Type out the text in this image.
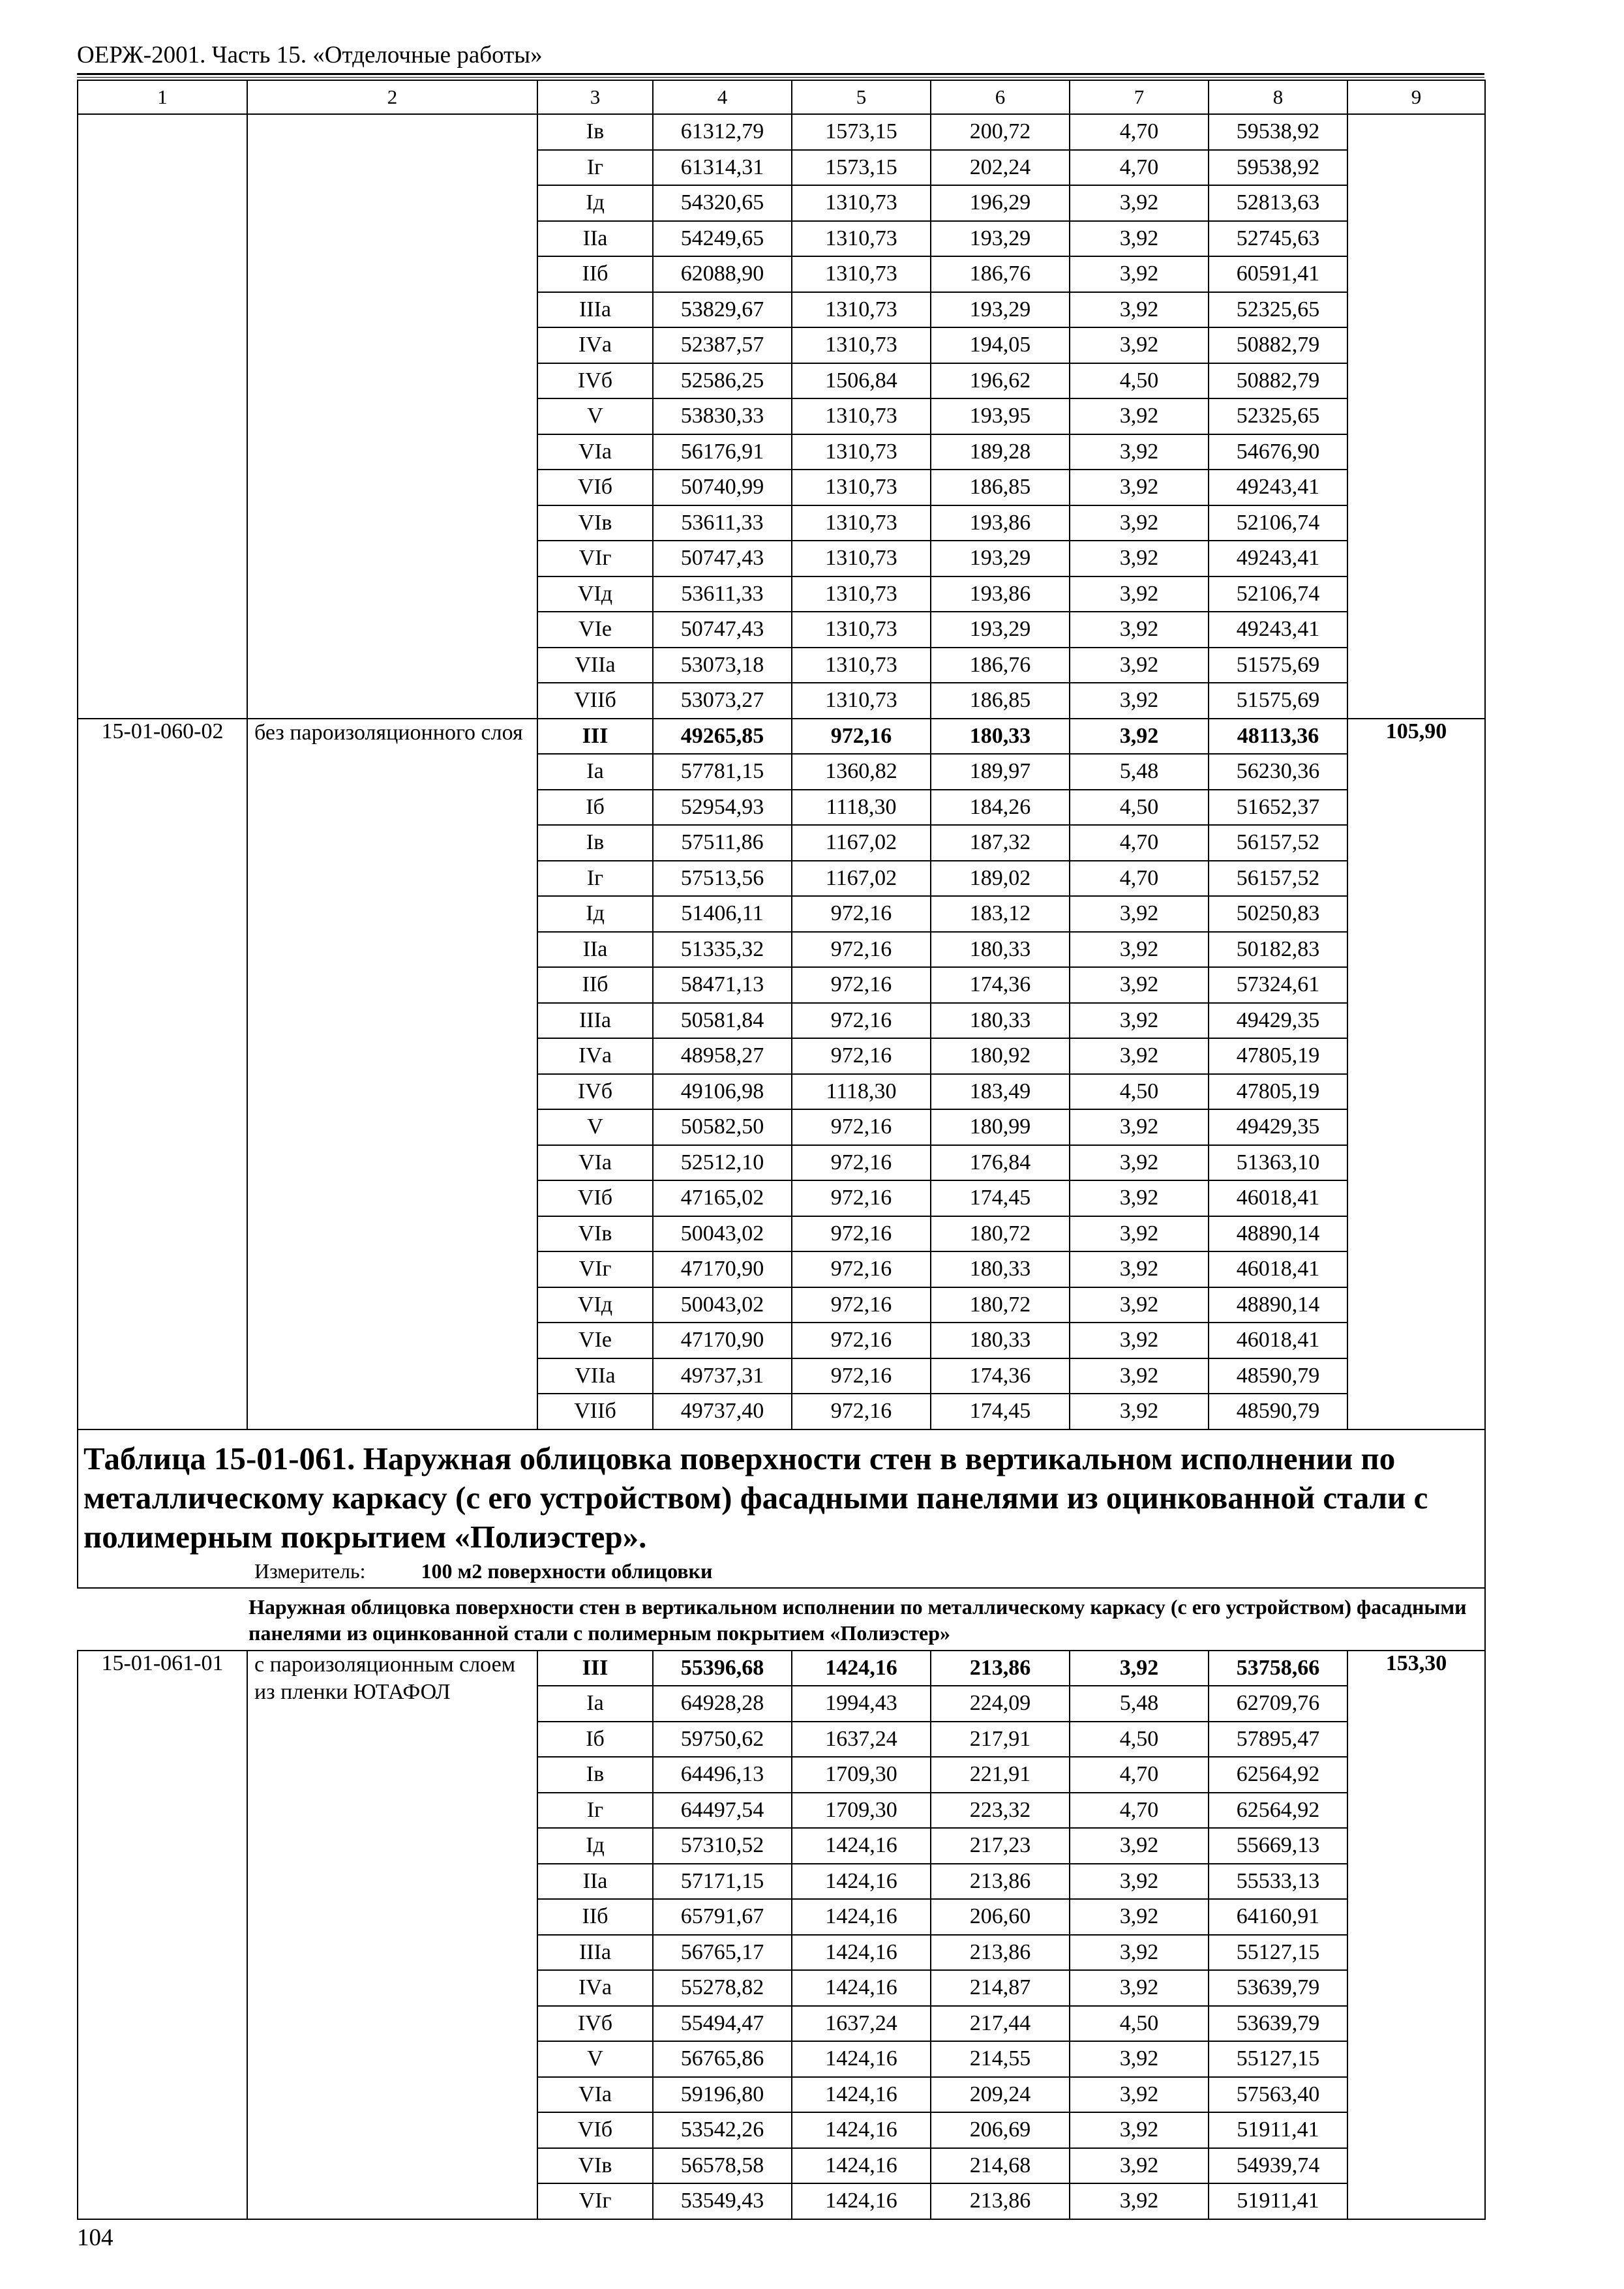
ОЕРЖ-2001. Часть 15. «Отделочные работы»
1	2	3	4	5	6	7	8	9
		Iв	61312,79	1573,15	200,72	4,70	59538,92	
		Iг	61314,31	1573,15	202,24	4,70	59538,92	
		Iд	54320,65	1310,73	196,29	3,92	52813,63	
		IIа	54249,65	1310,73	193,29	3,92	52745,63	
		IIб	62088,90	1310,73	186,76	3,92	60591,41	
		IIIа	53829,67	1310,73	193,29	3,92	52325,65	
		IVа	52387,57	1310,73	194,05	3,92	50882,79	
		IVб	52586,25	1506,84	196,62	4,50	50882,79	
		V	53830,33	1310,73	193,95	3,92	52325,65	
		VIа	56176,91	1310,73	189,28	3,92	54676,90	
		VIб	50740,99	1310,73	186,85	3,92	49243,41	
		VIв	53611,33	1310,73	193,86	3,92	52106,74	
		VIг	50747,43	1310,73	193,29	3,92	49243,41	
		VIд	53611,33	1310,73	193,86	3,92	52106,74	
		VIе	50747,43	1310,73	193,29	3,92	49243,41	
		VIIа	53073,18	1310,73	186,76	3,92	51575,69	
		VIIб	53073,27	1310,73	186,85	3,92	51575,69	
15-01-060-02	без пароизоляционного слоя	III	49265,85	972,16	180,33	3,92	48113,36	105,90
		Iа	57781,15	1360,82	189,97	5,48	56230,36	
		Iб	52954,93	1118,30	184,26	4,50	51652,37	
		Iв	57511,86	1167,02	187,32	4,70	56157,52	
		Iг	57513,56	1167,02	189,02	4,70	56157,52	
		Iд	51406,11	972,16	183,12	3,92	50250,83	
		IIа	51335,32	972,16	180,33	3,92	50182,83	
		IIб	58471,13	972,16	174,36	3,92	57324,61	
		IIIа	50581,84	972,16	180,33	3,92	49429,35	
		IVа	48958,27	972,16	180,92	3,92	47805,19	
		IVб	49106,98	1118,30	183,49	4,50	47805,19	
		V	50582,50	972,16	180,99	3,92	49429,35	
		VIа	52512,10	972,16	176,84	3,92	51363,10	
		VIб	47165,02	972,16	174,45	3,92	46018,41	
		VIв	50043,02	972,16	180,72	3,92	48890,14	
		VIг	47170,90	972,16	180,33	3,92	46018,41	
		VIд	50043,02	972,16	180,72	3,92	48890,14	
		VIе	47170,90	972,16	180,33	3,92	46018,41	
		VIIа	49737,31	972,16	174,36	3,92	48590,79	
		VIIб	49737,40	972,16	174,45	3,92	48590,79	

Таблица 15-01-061. Наружная облицовка поверхности стен в вертикальном исполнении по металлическому каркасу (с его устройством) фасадными панелями из оцинкованной стали с полимерным покрытием «Полиэстер».
Измеритель: 100 м2 поверхности облицовки								

Наружная облицовка поверхности стен в вертикальном исполнении по металлическому каркасу (с его устройством) фасадными панелями из оцинкованной стали с полимерным покрытием «Полиэстер»								
15-01-061-01	с пароизоляционным слоем из пленки ЮТАФОЛ	III	55396,68	1424,16	213,86	3,92	53758,66	153,30
		Iа	64928,28	1994,43	224,09	5,48	62709,76	
		Iб	59750,62	1637,24	217,91	4,50	57895,47	
		Iв	64496,13	1709,30	221,91	4,70	62564,92	
		Iг	64497,54	1709,30	223,32	4,70	62564,92	
		Iд	57310,52	1424,16	217,23	3,92	55669,13	
		IIа	57171,15	1424,16	213,86	3,92	55533,13	
		IIб	65791,67	1424,16	206,60	3,92	64160,91	
		IIIа	56765,17	1424,16	213,86	3,92	55127,15	
		IVа	55278,82	1424,16	214,87	3,92	53639,79	
		IVб	55494,47	1637,24	217,44	4,50	53639,79	
		V	56765,86	1424,16	214,55	3,92	55127,15	
		VIа	59196,80	1424,16	209,24	3,92	57563,40	
		VIб	53542,26	1424,16	206,69	3,92	51911,41	
		VIв	56578,58	1424,16	214,68	3,92	54939,74	
		VIг	53549,43	1424,16	213,86	3,92	51911,41	
104
